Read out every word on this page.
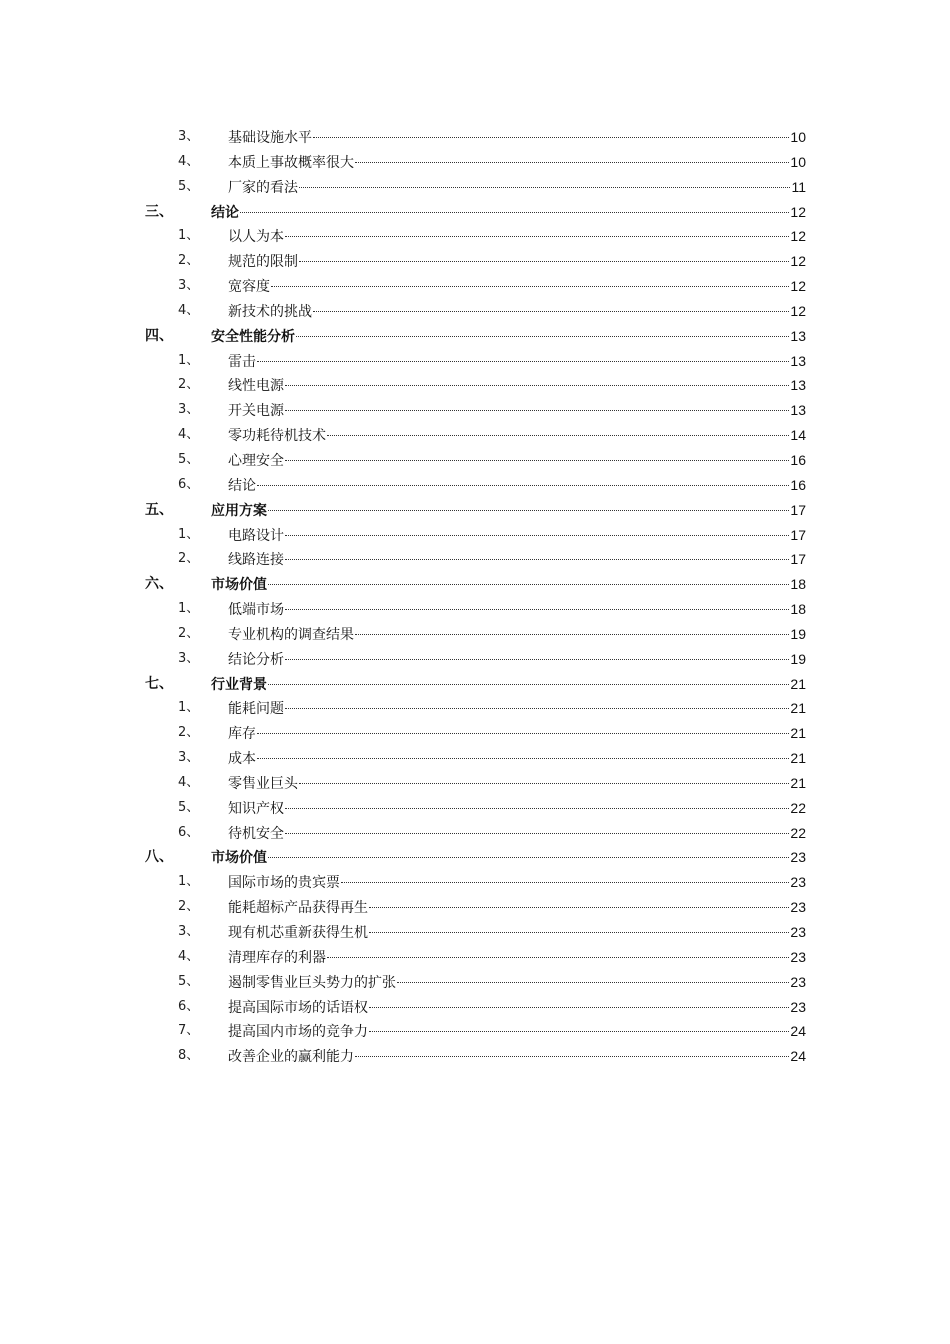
3、 基础设施水平	10
4、 本质上事故概率很大	10
5、 厂家的看法	11
三、	结论	12
1、 以人为本	12
2、 规范的限制	12
3、 宽容度	12
4、 新技术的挑战	12
四、	安全性能分析	13
1、 雷击	13
2、 线性电源	13
3、 开关电源	13
4、 零功耗待机技术	14
5、 心理安全	16
6、 结论	16
五、	应用方案	17
1、 电路设计	17
2、 线路连接	17
六、	市场价值	18
1、 低端市场	18
2、 专业机构的调查结果	19
3、 结论分析	19
七、	行业背景	21
1、 能耗问题	21
2、 库存	21
3、 成本	21
4、 零售业巨头	21
5、 知识产权	22
6、 待机安全	22
八、	市场价值	23
1、 国际市场的贵宾票	23
2、 能耗超标产品获得再生	23
3、 现有机芯重新获得生机	23
4、 清理库存的利器	23
5、 遏制零售业巨头势力的扩张	23
6、 提高国际市场的话语权	23
7、 提高国内市场的竞争力	24
8、 改善企业的赢利能力	24
